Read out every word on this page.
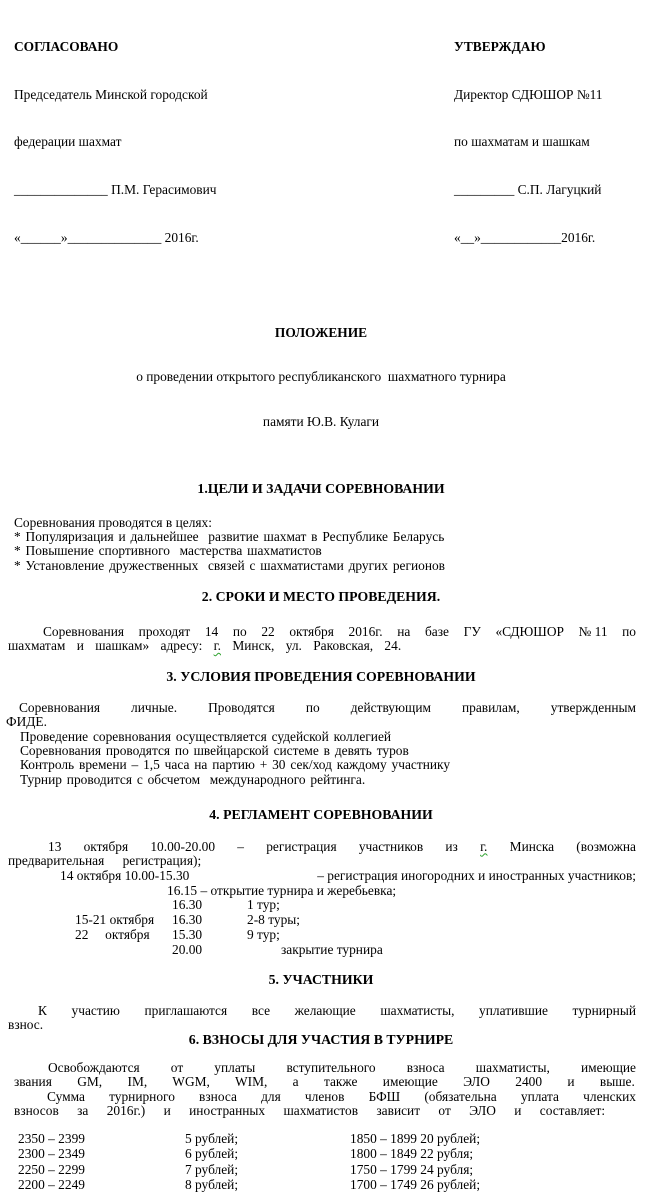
СОГЛАСОВАНО

Председатель Минской городской

федерации шахмат

______________ П.М. Герасимович

«______»______________ 2016г.

УТВЕРЖДАЮ

Директор СДЮШОР №11

по шахматам и шашкам

_________ С.П. Лагуцкий

«__»____________2016г.

ПОЛОЖЕНИЕ

о проведении открытого республиканского  шахматного турнира

памяти Ю.В. Кулаги

1.ЦЕЛИ И ЗАДАЧИ СОРЕВНОВАНИИ
Соревнования проводятся в целях:
* Популяризация и дальнейшее  развитие шахмат в Республике Беларусь
* Повышение спортивного  мастерства шахматистов
* Установление дружественных  связей с шахматистами других регионов
2. СРОКИ И МЕСТО ПРОВЕДЕНИЯ.
Соревнования проходят 14 по 22 октября 2016г. на базе ГУ «СДЮШОР №11 по шахматам и шашкам» адресу: г. Минск, ул. Раковская, 24.
3. УСЛОВИЯ ПРОВЕДЕНИЯ СОРЕВНОВАНИИ
Соревнования личные. Проводятся по действующим правилам, утвержденным ФИДЕ.
Проведение соревнования осуществляется судейской коллегией
Соревнования проводятся по швейцарской системе в девять туров
Контроль времени – 1,5 часа на партию + 30 сек/ход каждому участнику
Турнир проводится с обсчетом  международного рейтинга.
4. РЕГЛАМЕНТ СОРЕВНОВАНИИ
13 октября 10.00-20.00 – регистрация участников из г. Минска (возможна предварительная регистрация);
14 октября 10.00-15.30	– регистрация иногородних и иностранных участников;
16.15 – открытие турнира и жеребьевка;
16.30	1 тур;
15-21 октября	16.30	2-8 туры;
22     октября	15.30	9 тур;
20.00	закрытие турнира
5. УЧАСТНИКИ
К участию приглашаются все желающие шахматисты, уплатившие турнирный взнос.
6. ВЗНОСЫ ДЛЯ УЧАСТИЯ В ТУРНИРЕ
Освобождаются от уплаты вступительного взноса шахматисты, имеющие звания GM, IM, WGM, WIM, а также имеющие ЭЛО 2400 и выше.
Сумма турнирного взноса для членов БФШ (обязательна уплата членских взносов за 2016г.) и иностранных шахматистов зависит от ЭЛО и составляет:
2350 – 2399	5 рублей;	1850 – 1899 20 рублей;
2300 – 2349	6 рублей;	1800 – 1849 22 рубля;
2250 – 2299	7 рублей;	1750 – 1799 24 рубля;
2200 – 2249	8 рублей;	1700 – 1749 26 рублей;
